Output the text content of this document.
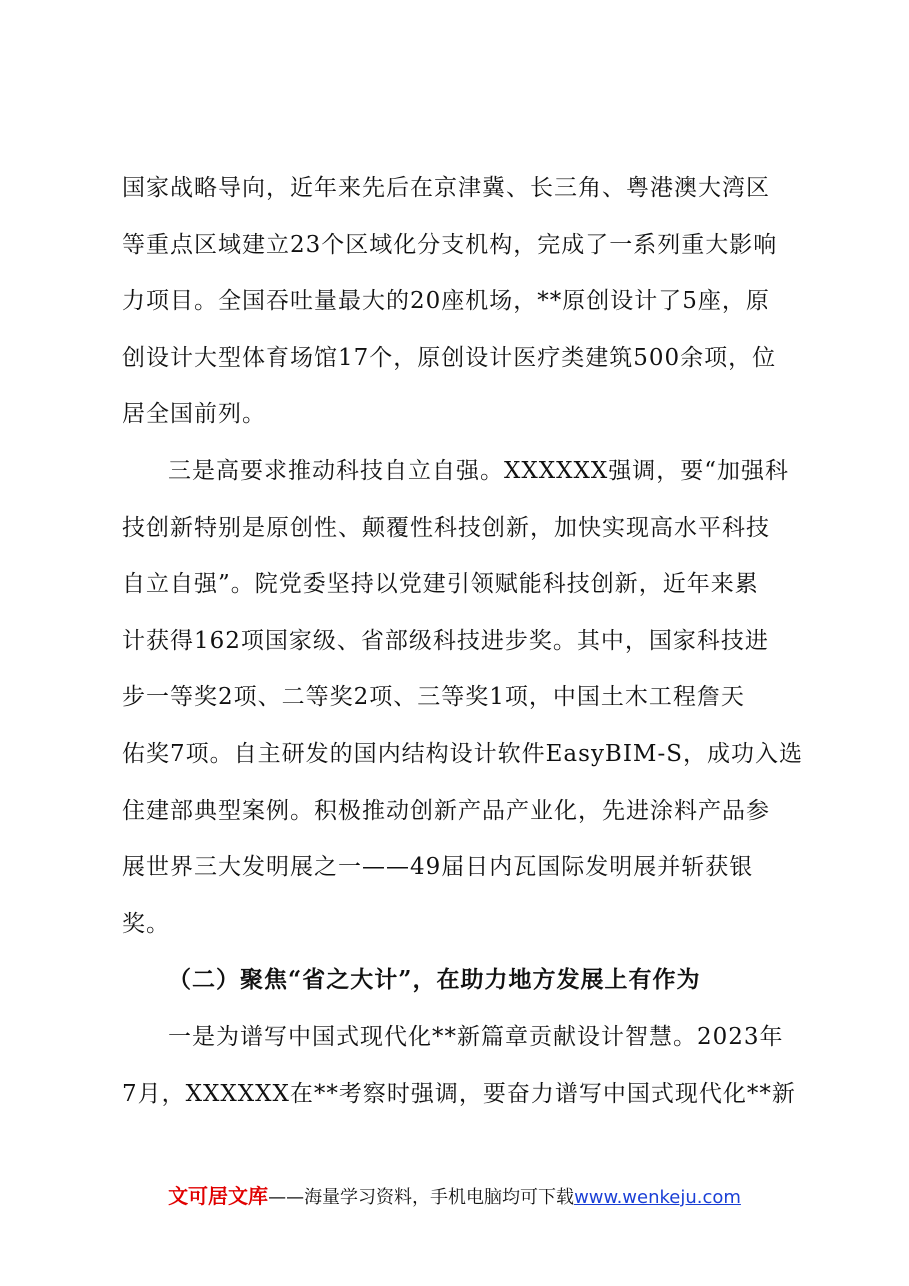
国家战略导向，近年来先后在京津冀、长三角、粤港澳大湾区
等重点区域建立23个区域化分支机构，完成了一系列重大影响
力项目。全国吞吐量最大的20座机场，**原创设计了5座，原
创设计大型体育场馆17个，原创设计医疗类建筑500余项，位
居全国前列。
三是高要求推动科技自立自强。XXXXXX强调，要“加强科
技创新特别是原创性、颠覆性科技创新，加快实现高水平科技
自立自强”。院党委坚持以党建引领赋能科技创新，近年来累
计获得162项国家级、省部级科技进步奖。其中，国家科技进
步一等奖2项、二等奖2项、三等奖1项，中国土木工程詹天
佑奖7项。自主研发的国内结构设计软件EasyBIM-S，成功入选
住建部典型案例。积极推动创新产品产业化，先进涂料产品参
展世界三大发明展之一——49届日内瓦国际发明展并斩获银
奖。
（二）聚焦“省之大计”，在助力地方发展上有作为
一是为谱写中国式现代化**新篇章贡献设计智慧。2023年
7月，XXXXXX在**考察时强调，要奋力谱写中国式现代化**新
文可居文库——海量学习资料，手机电脑均可下载www.wenkeju.com
